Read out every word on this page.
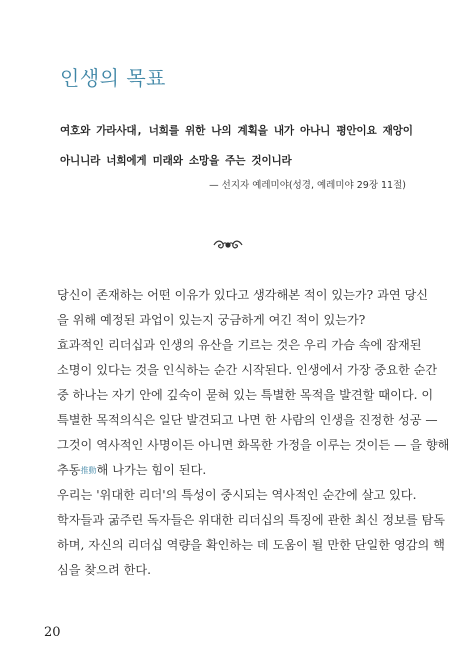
인생의 목표
여호와 가라사대, 너희를 위한 나의 계획을 내가 아나니 평안이요 재앙이
아니니라 너희에게 미래와 소망을 주는 것이니라
— 선지자 예레미야(성경, 예레미야 29장 11절)

당신이 존재하는 어떤 이유가 있다고 생각해본 적이 있는가? 과연 당신
을 위해 예정된 과업이 있는지 궁금하게 여긴 적이 있는가?

효과적인 리더십과 인생의 유산을 기르는 것은 우리 가슴 속에 잠재된
소명이 있다는 것을 인식하는 순간 시작된다. 인생에서 가장 중요한 순간
중 하나는 자기 안에 깊숙이 묻혀 있는 특별한 목적을 발견할 때이다. 이
특별한 목적의식은 일단 발견되고 나면 한 사람의 인생을 진정한 성공 —
그것이 역사적인 사명이든 아니면 화목한 가정을 이루는 것이든 — 을 향해
추동推動해 나가는 힘이 된다.

우리는 '위대한 리더'의 특성이 중시되는 역사적인 순간에 살고 있다.
학자들과 굶주린 독자들은 위대한 리더십의 특징에 관한 최신 정보를 탐독
하며, 자신의 리더십 역량을 확인하는 데 도움이 될 만한 단일한 영감의 핵
심을 찾으려 한다.

20
